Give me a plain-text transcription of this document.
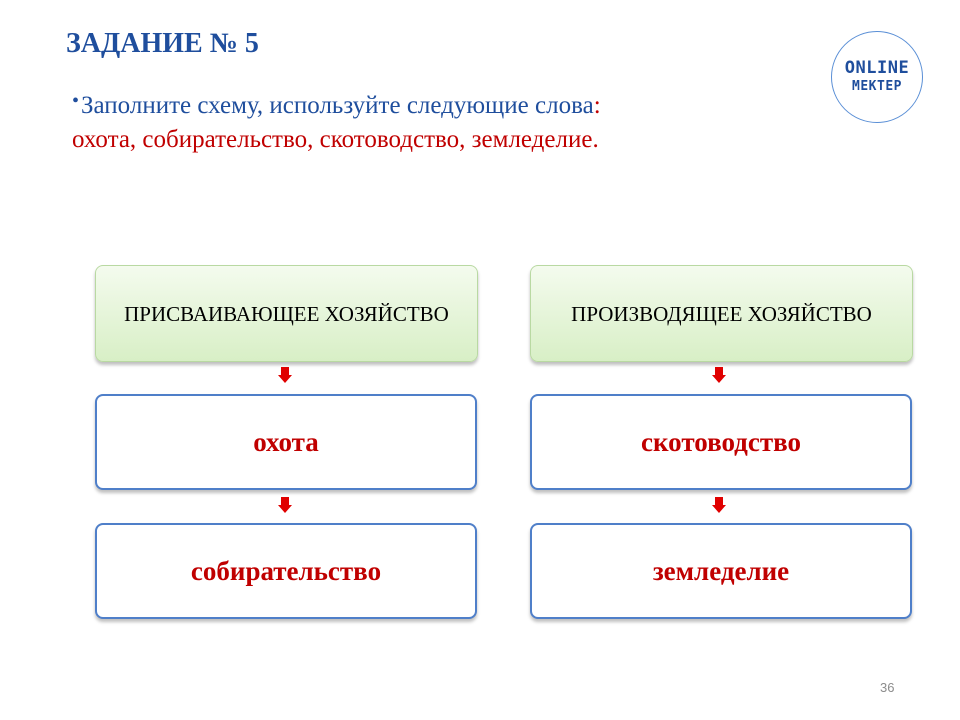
ЗАДАНИЕ № 5
•Заполните схему, используйте следующие слова:
охота, собирательство, скотоводство, земледелие.
ONLINE
MEKTEP
ПРИСВАИВАЮЩЕЕ ХОЗЯЙСТВО
охота
собирательство
ПРОИЗВОДЯЩЕЕ ХОЗЯЙСТВО
скотоводство
земледелие
36
